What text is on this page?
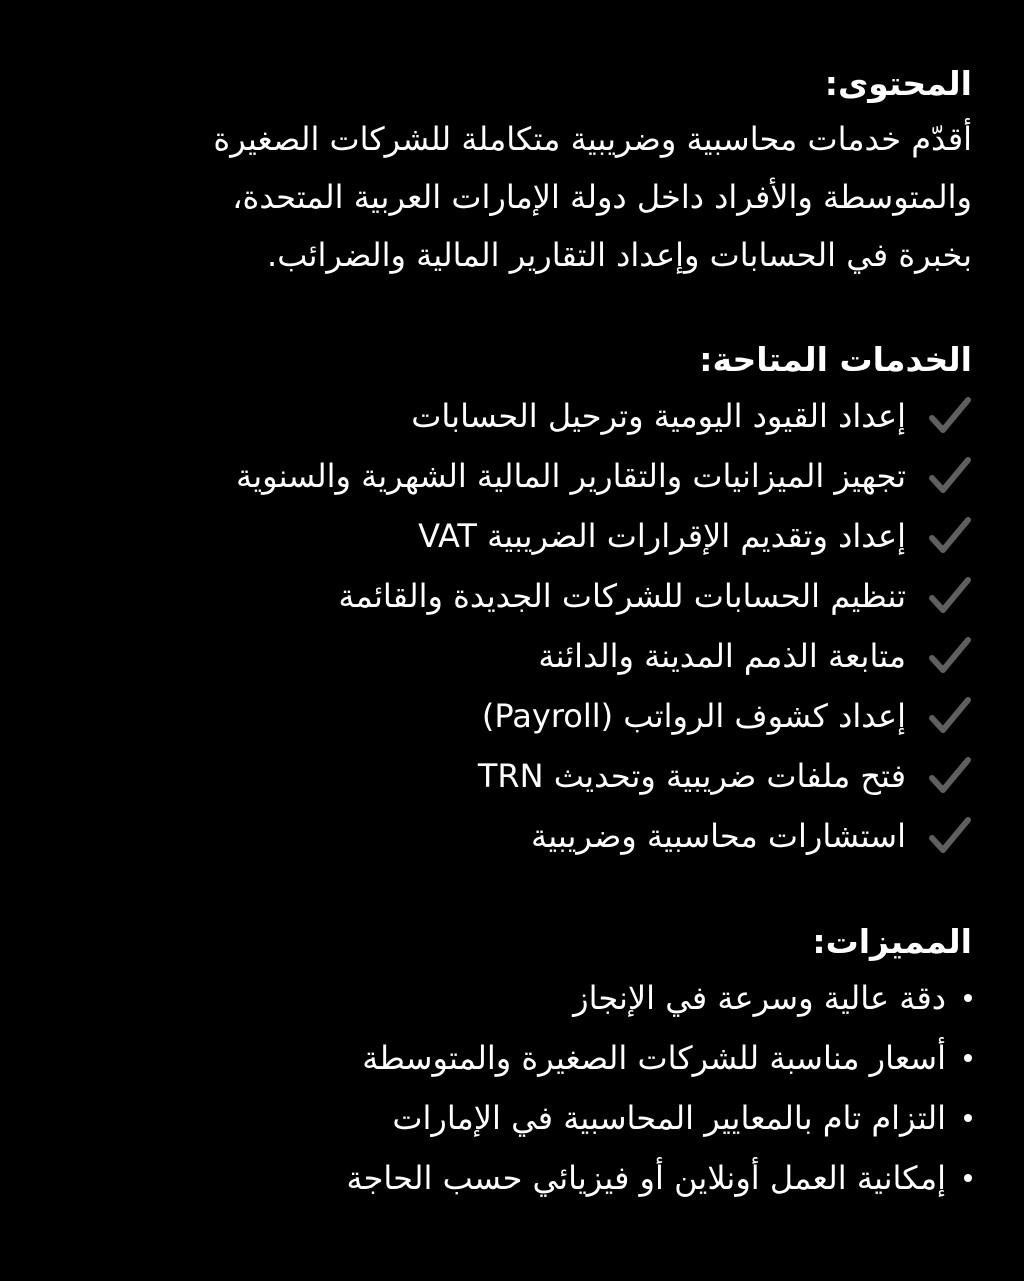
المحتوى:

أقدّم خدمات محاسبية وضريبية متكاملة للشركات الصغيرة
والمتوسطة والأفراد داخل دولة الإمارات العربية المتحدة،
بخبرة في الحسابات وإعداد التقارير المالية والضرائب.

الخدمات المتاحة:
إعداد القيود اليومية وترحيل الحسابات
تجهيز الميزانيات والتقارير المالية الشهرية والسنوية
إعداد وتقديم الإقرارات الضريبية VAT
تنظيم الحسابات للشركات الجديدة والقائمة
متابعة الذمم المدينة والدائنة
إعداد كشوف الرواتب (Payroll)
فتح ملفات ضريبية وتحديث TRN
استشارات محاسبية وضريبية
المميزات:
دقة عالية وسرعة في الإنجاز
أسعار مناسبة للشركات الصغيرة والمتوسطة
التزام تام بالمعايير المحاسبية في الإمارات
إمكانية العمل أونلاين أو فيزيائي حسب الحاجة
